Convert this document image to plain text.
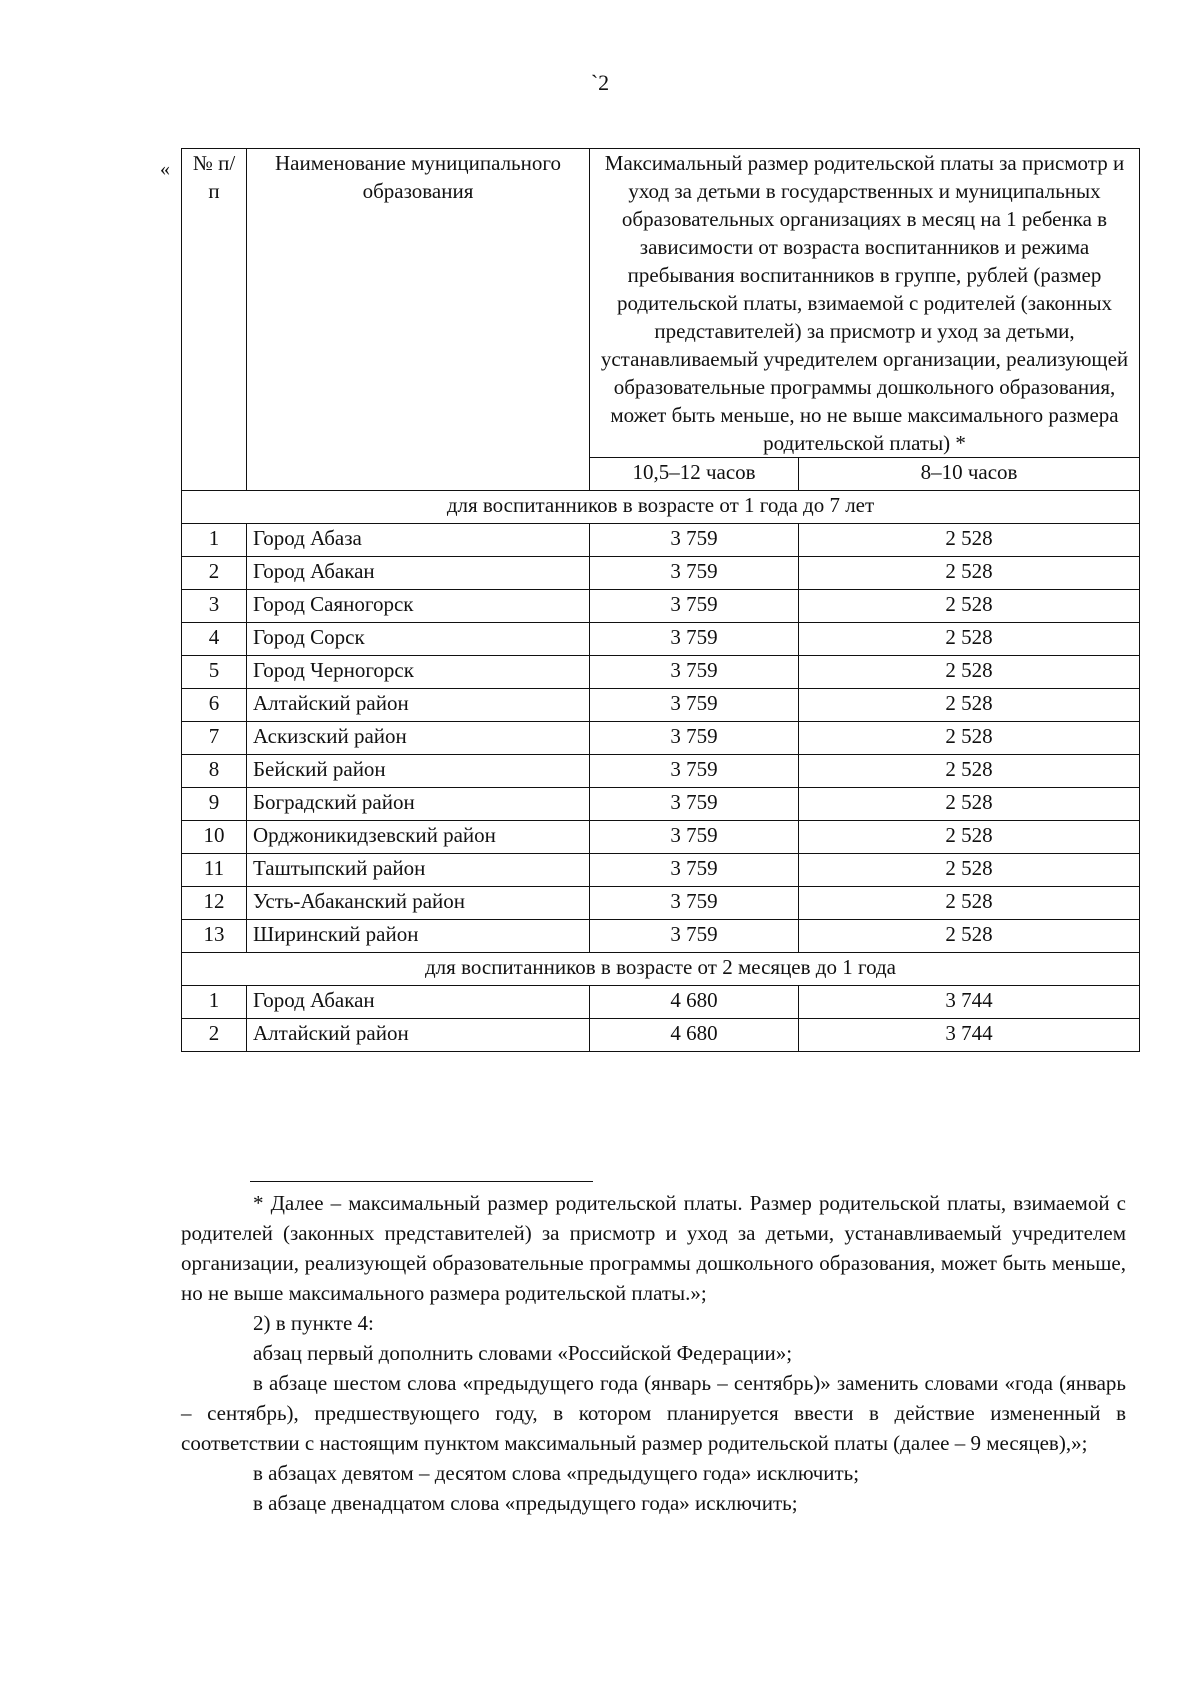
`2
« № п/п	Наименование муниципального образования	Максимальный размер родительской платы за присмотр и уход за детьми в государственных и муниципальных образовательных организациях в месяц на 1 ребенка в зависимости от возраста воспитанников и режима пребывания воспитанников в группе, рублей (размер родительской платы, взимаемой с родителей (законных представителей) за присмотр и уход за детьми, устанавливаемый учредителем организации, реализующей образовательные программы дошкольного образования, может быть меньше, но не выше максимального размера родительской платы) *	
		10,5–12 часов	8–10 часов
для воспитанников в возрасте от 1 года до 7 лет			
1	Город Абаза	3 759	2 528
2	Город Абакан	3 759	2 528
3	Город Саяногорск	3 759	2 528
4	Город Сорск	3 759	2 528
5	Город Черногорск	3 759	2 528
6	Алтайский район	3 759	2 528
7	Аскизский район	3 759	2 528
8	Бейский район	3 759	2 528
9	Боградский район	3 759	2 528
10	Орджоникидзевский район	3 759	2 528
11	Таштыпский район	3 759	2 528
12	Усть-Абаканский район	3 759	2 528
13	Ширинский район	3 759	2 528
для воспитанников в возрасте от 2 месяцев до 1 года			
1	Город Абакан	4 680	3 744
2	Алтайский район	4 680	3 744

* Далее – максимальный размер родительской платы. Размер родительской платы, взимаемой с родителей (законных представителей) за присмотр и уход за детьми, устанавливаемый учредителем организации, реализующей образовательные программы дошкольного образования, может быть меньше, но не выше максимального размера родительской платы.»;

2) в пункте 4:

абзац первый дополнить словами «Российской Федерации»;

в абзаце шестом слова «предыдущего года (январь – сентябрь)» заменить словами «года (январь – сентябрь), предшествующего году, в котором планируется ввести в действие измененный в соответствии с настоящим пунктом максимальный размер родительской платы (далее – 9 месяцев),»;

в абзацах девятом – десятом слова «предыдущего года» исключить;

в абзаце двенадцатом слова «предыдущего года» исключить;
